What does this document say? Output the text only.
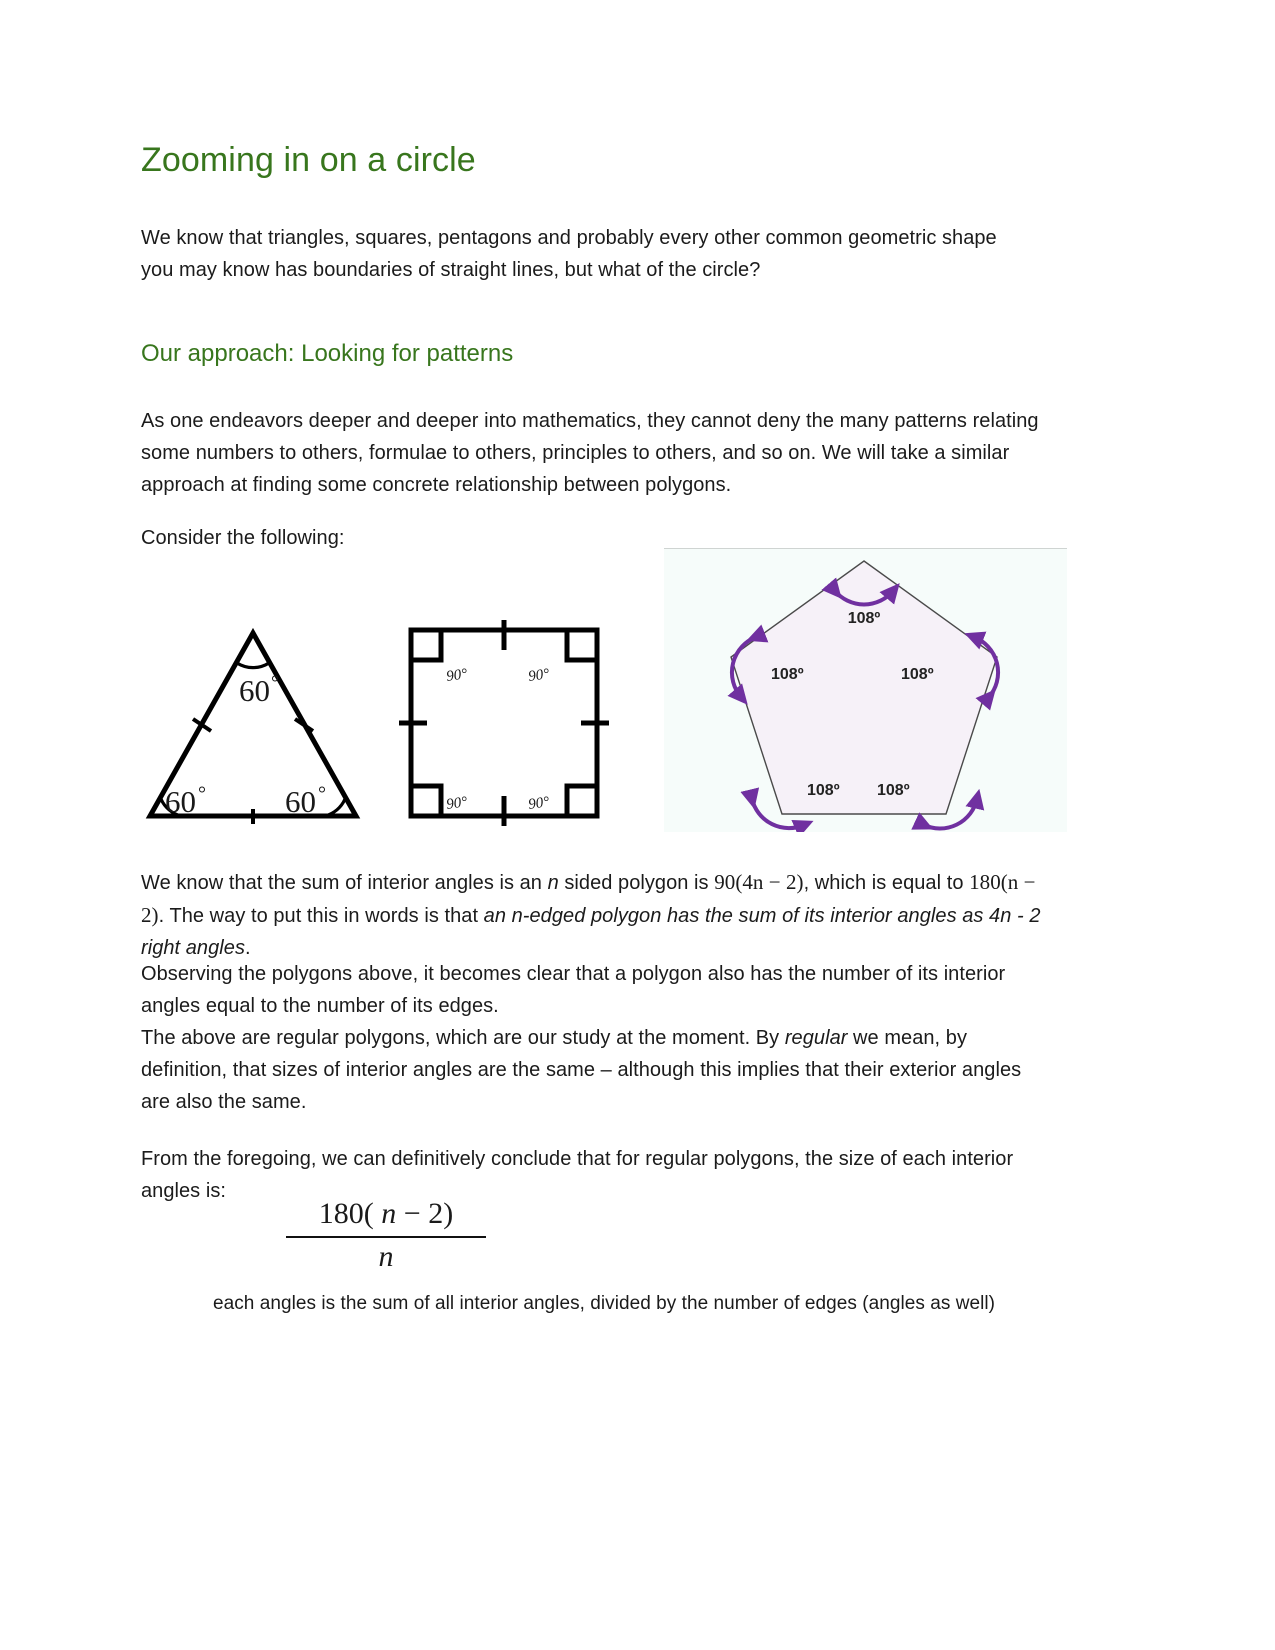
Zooming in on a circle

We know that triangles, squares, pentagons and probably every other common geometric shape you may know has boundaries of straight lines, but what of the circle?

Our approach: Looking for patterns

As one endeavors deeper and deeper into mathematics, they cannot deny the many patterns relating some numbers to others, formulae to others, principles to others, and so on. We will take a similar approach at finding some concrete relationship between polygons.

Consider the following:

60 °
60 °	60 °
90°	90°
90°	90°
108º
108º	108º
108º 108º

We know that the sum of interior angles is an n sided polygon is 90(4n − 2), which is equal to 180(n − 2). The way to put this in words is that an n-edged polygon has the sum of its interior angles as 4n - 2 right angles.

Observing the polygons above, it becomes clear that a polygon also has the number of its interior angles equal to the number of its edges.

The above are regular polygons, which are our study at the moment. By regular we mean, by definition, that sizes of interior angles are the same – although this implies that their exterior angles are also the same.

From the foregoing, we can definitively conclude that for regular polygons, the size of each interior angles is:

$\frac{180( n - 2)}{n}$

each angles is the sum of all interior angles, divided by the number of edges (angles as well)
